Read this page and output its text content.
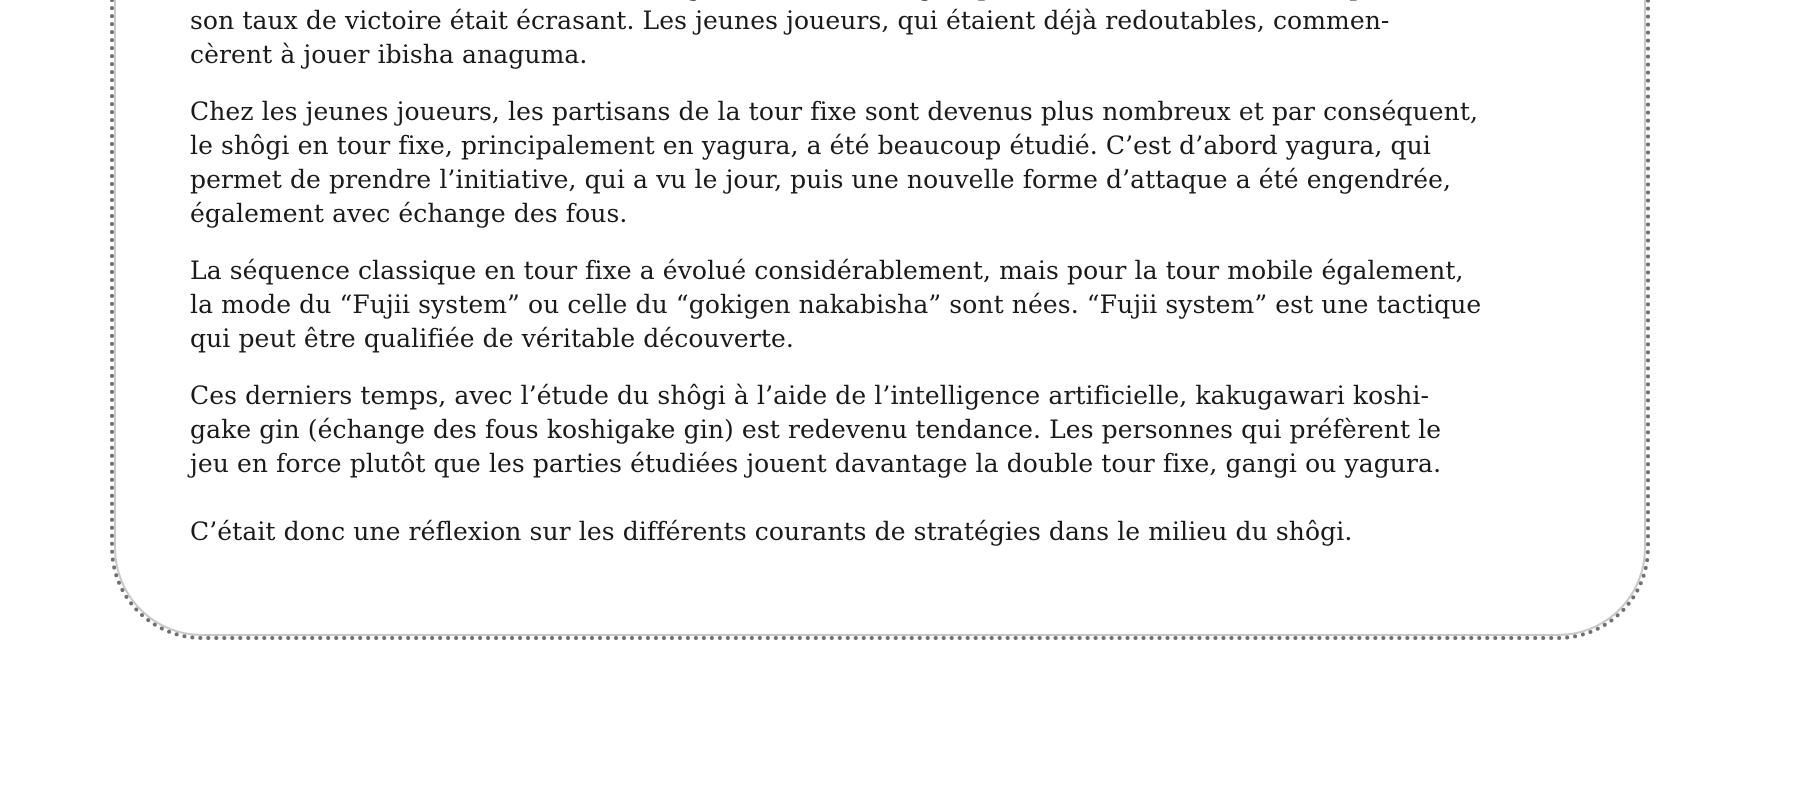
son taux de victoire était écrasant. Les jeunes joueurs, qui étaient déjà redoutables, commen-
cèrent à jouer ibisha anaguma.

Chez les jeunes joueurs, les partisans de la tour fixe sont devenus plus nombreux et par conséquent,
le shôgi en tour fixe, principalement en yagura, a été beaucoup étudié. C’est d’abord yagura, qui
permet de prendre l’initiative, qui a vu le jour, puis une nouvelle forme d’attaque a été engendrée,
également avec échange des fous.

La séquence classique en tour fixe a évolué considérablement, mais pour la tour mobile également,
la mode du “Fujii system” ou celle du “gokigen nakabisha” sont nées. “Fujii system” est une tactique
qui peut être qualifiée de véritable découverte.

Ces derniers temps, avec l’étude du shôgi à l’aide de l’intelligence artificielle, kakugawari koshi-
gake gin (échange des fous koshigake gin) est redevenu tendance. Les personnes qui préfèrent le
jeu en force plutôt que les parties étudiées jouent davantage la double tour fixe, gangi ou yagura.

C’était donc une réflexion sur les différents courants de stratégies dans le milieu du shôgi.
